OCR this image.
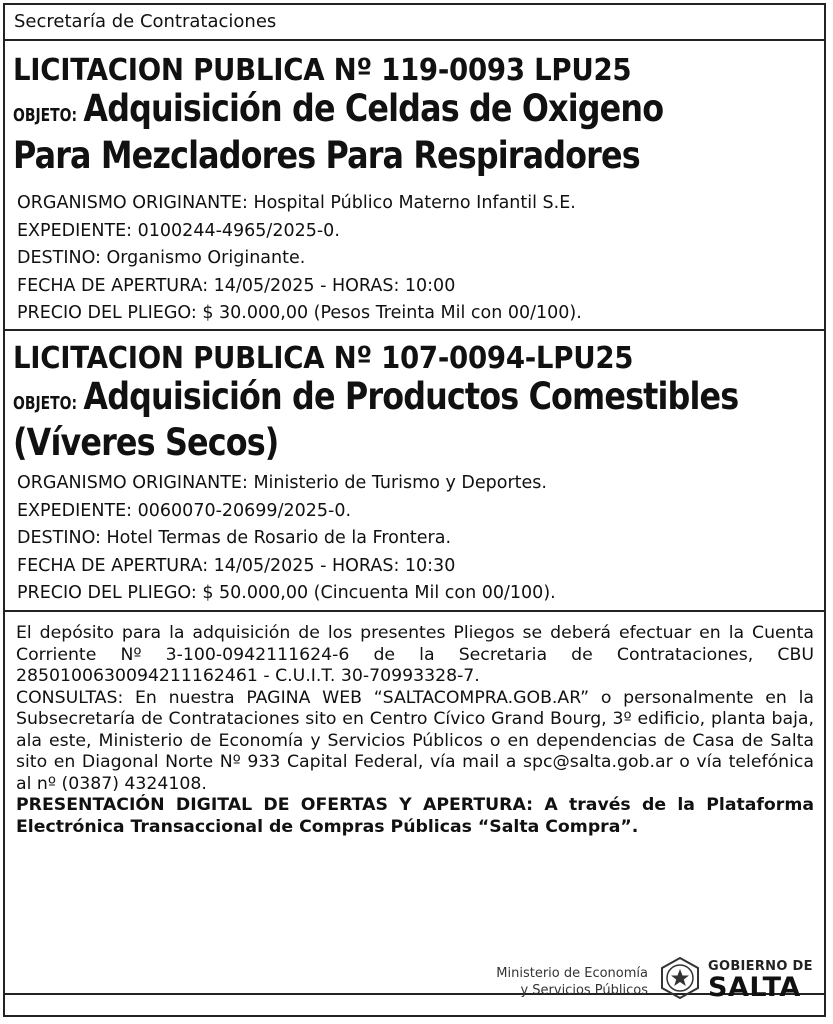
Secretaría de Contrataciones
LICITACION PUBLICA Nº 119-0093 LPU25
OBJETO: Adquisición de Celdas de Oxigeno
Para Mezcladores Para Respiradores
ORGANISMO ORIGINANTE: Hospital Público Materno Infantil S.E.
EXPEDIENTE: 0100244-4965/2025-0.
DESTINO: Organismo Originante.
FECHA DE APERTURA: 14/05/2025 - HORAS: 10:00
PRECIO DEL PLIEGO: $ 30.000,00 (Pesos Treinta Mil con 00/100).
LICITACION PUBLICA Nº 107-0094-LPU25
OBJETO: Adquisición de Productos Comestibles
(Víveres Secos)
ORGANISMO ORIGINANTE: Ministerio de Turismo y Deportes.
EXPEDIENTE: 0060070-20699/2025-0.
DESTINO: Hotel Termas de Rosario de la Frontera.
FECHA DE APERTURA: 14/05/2025 - HORAS: 10:30
PRECIO DEL PLIEGO: $ 50.000,00 (Cincuenta Mil con 00/100).

El depósito para la adquisición de los presentes Pliegos se deberá efectuar en la Cuenta Corriente Nº 3-100-0942111624-6 de la Secretaria de Contrataciones, CBU 2850100630094211162461 - C.U.I.T. 30-70993328-7.

CONSULTAS: En nuestra PAGINA WEB “SALTACOMPRA.GOB.AR” o personalmente en la Subsecretaría de Contrataciones sito en Centro Cívico Grand Bourg, 3º edificio, planta baja, ala este, Ministerio de Economía y Servicios Públicos o en dependencias de Casa de Salta sito en Diagonal Norte Nº 933 Capital Federal, vía mail a spc@salta.gob.ar o vía telefónica al nº (0387) 4324108.

PRESENTACIÓN DIGITAL DE OFERTAS Y APERTURA: A través de la Plataforma Electrónica Transaccional de Compras Públicas “Salta Compra”.

Ministerio de Economía
y Servicios Públicos
GOBIERNO DE
SALTA
